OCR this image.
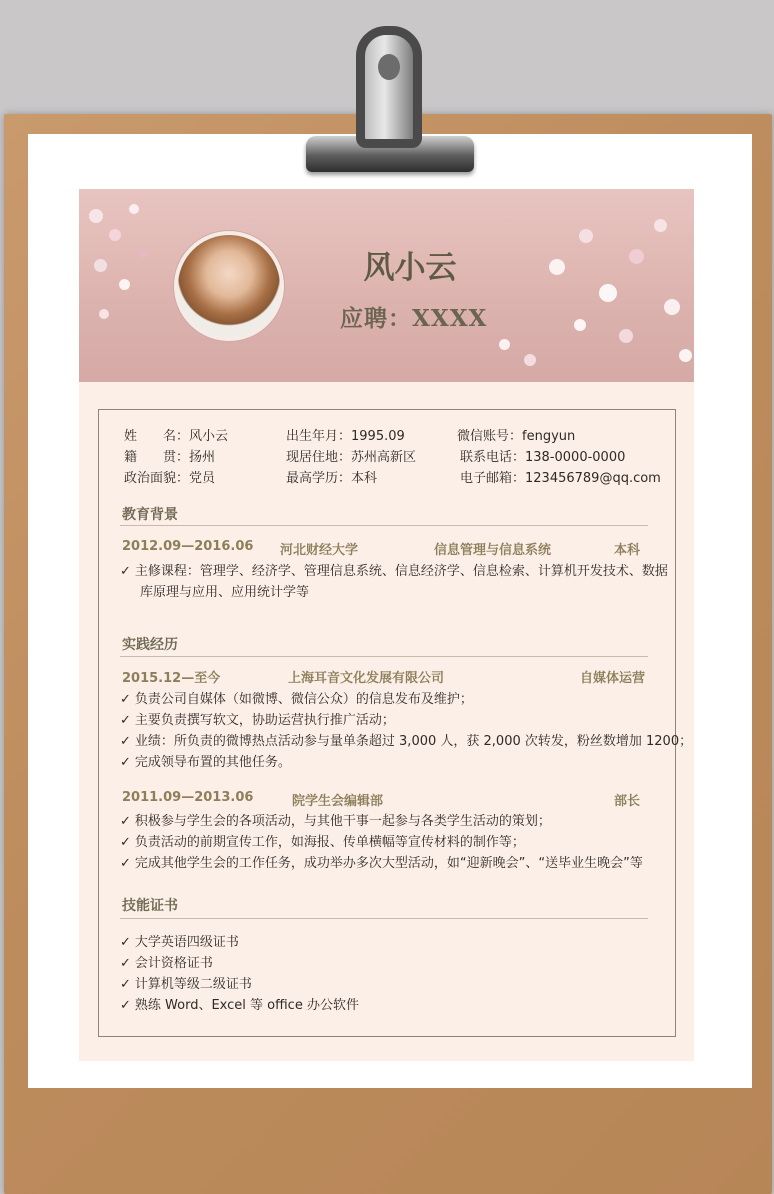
风小云
应聘：XXXX
姓　　名：风小云	出生年月：1995.09	微信账号：fengyun
籍　　贯：扬州	现居住地：苏州高新区	联系电话：138-0000-0000
政治面貌：党员	最高学历：本科	电子邮箱：123456789@qq.com
教育背景
2012.09—2016.06 河北财经大学	信息管理与信息系统	本科
✓ 主修课程：管理学、经济学、管理信息系统、信息经济学、信息检索、计算机开发技术、数据
库原理与应用、应用统计学等
实践经历
2015.12—至今	上海耳音文化发展有限公司	自媒体运营
✓ 负责公司自媒体（如微博、微信公众）的信息发布及维护；
✓ 主要负责撰写软文，协助运营执行推广活动；
✓ 业绩：所负责的微博热点活动参与量单条超过 3,000 人，获 2,000 次转发，粉丝数增加 1200；
✓ 完成领导布置的其他任务。
2011.09—2013.06	院学生会编辑部	部长
✓ 积极参与学生会的各项活动，与其他干事一起参与各类学生活动的策划；
✓ 负责活动的前期宣传工作，如海报、传单横幅等宣传材料的制作等；
✓ 完成其他学生会的工作任务，成功举办多次大型活动，如“迎新晚会”、“送毕业生晚会”等
技能证书
✓ 大学英语四级证书
✓ 会计资格证书
✓ 计算机等级二级证书
✓ 熟练 Word、Excel 等 office 办公软件
